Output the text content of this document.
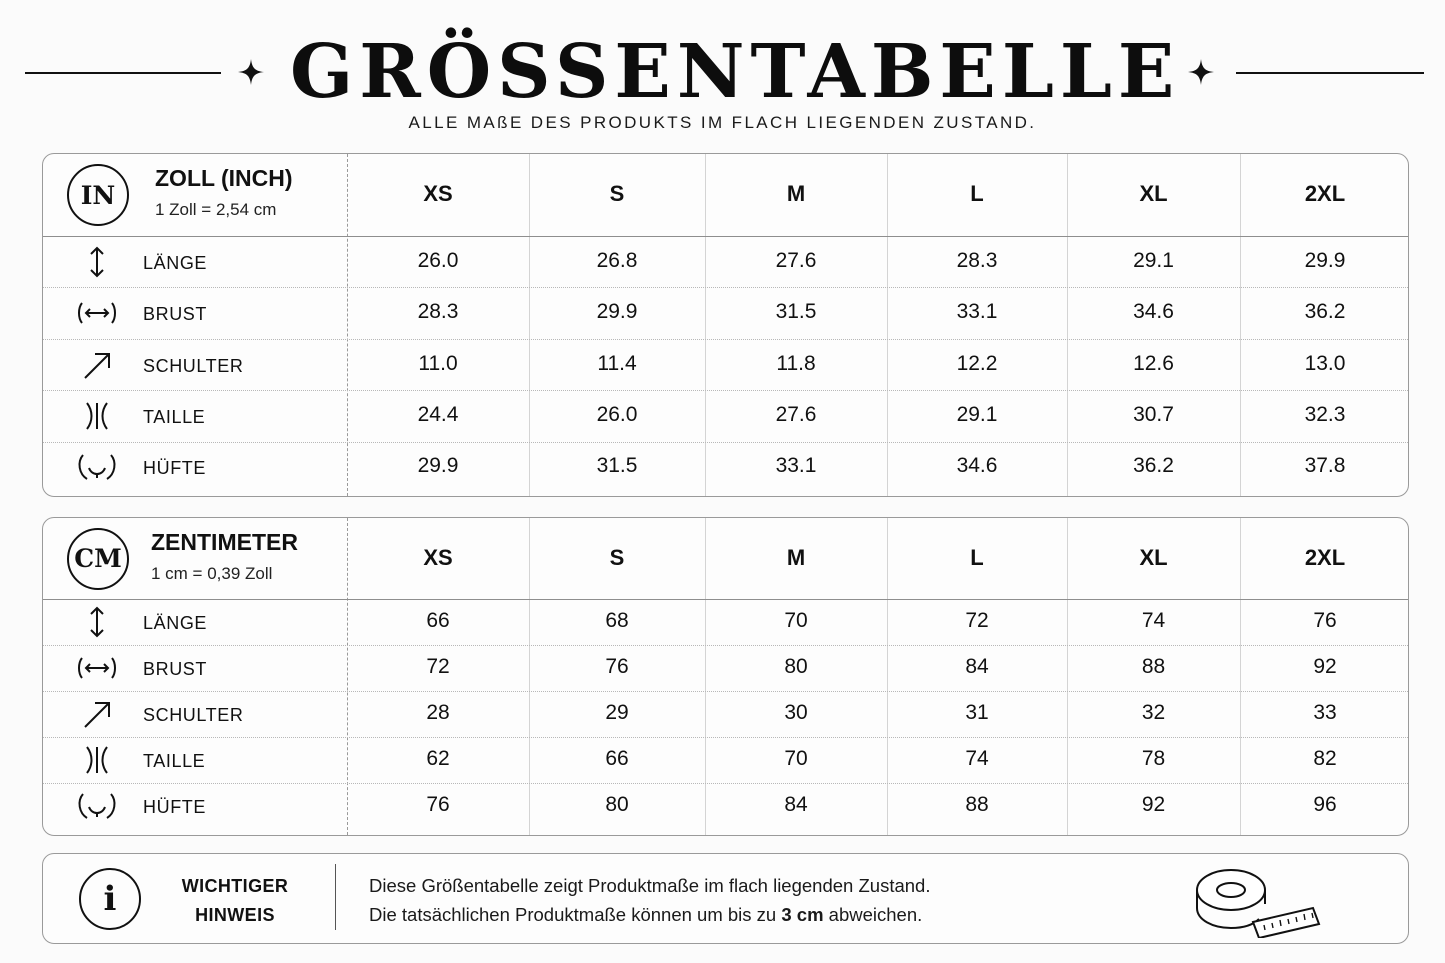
GRÖSSENTABELLE
ALLE MAßE DES PRODUKTS IM FLACH LIEGENDEN ZUSTAND.
IN
ZOLL (INCH)
1 Zoll = 2,54 cm
XS	S	M	L	XL	2XL
LÄNGE	26.0	26.8	27.6	28.3	29.1	29.9
BRUST	28.3	29.9	31.5	33.1	34.6	36.2
SCHULTER	11.0	11.4	11.8	12.2	12.6	13.0
TAILLE	24.4	26.0	27.6	29.1	30.7	32.3
HÜFTE	29.9	31.5	33.1	34.6	36.2	37.8
CM
ZENTIMETER
1 cm = 0,39 Zoll
XS	S	M	L	XL	2XL
LÄNGE	66	68	70	72	74	76
BRUST	72	76	80	84	88	92
SCHULTER	28	29	30	31	32	33
TAILLE	62	66	70	74	78	82
HÜFTE	76	80	84	88	92	96
i	WICHTIGER
HINWEIS
Diese Größentabelle zeigt Produktmaße im flach liegenden Zustand.
Die tatsächlichen Produktmaße können um bis zu 3 cm abweichen.
